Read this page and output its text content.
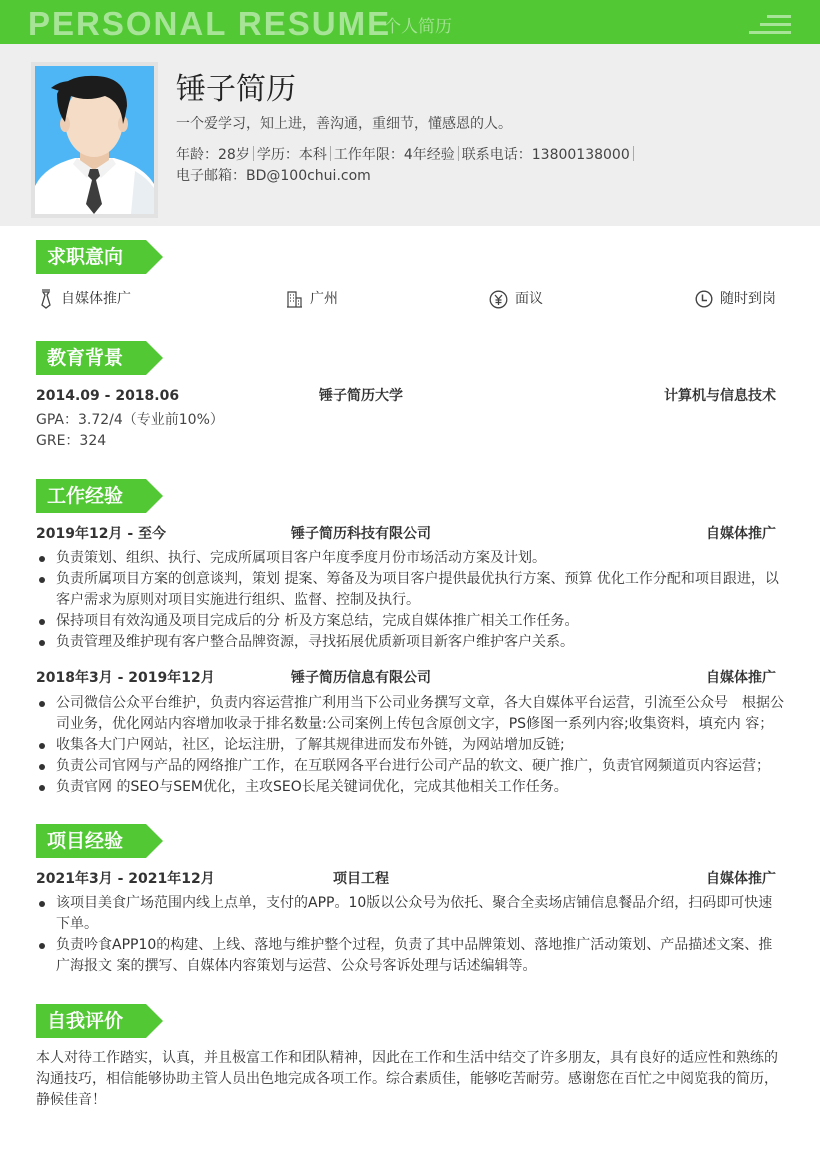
PERSONAL RESUME
个人简历
锤子简历
一个爱学习，知上进，善沟通，重细节，懂感恩的人。
年龄：28岁 学历：本科 工作年限：4年经验 联系电话：13800138000
电子邮箱：BD@100chui.com
求职意向
自媒体推广	广州	面议	随时到岗
教育背景
2014.09 - 2018.06	锤子简历大学	计算机与信息技术
GPA：3.72/4（专业前10%）
GRE：324
工作经验
2019年12月 - 至今	锤子简历科技有限公司	自媒体推广
负责策划、组织、执行、完成所属项目客户年度季度月份市场活动方案及计划。
负责所属项目方案的创意谈判，策划 提案、筹备及为项目客户提供最优执行方案、预算 优化工作分配和项目跟进，以客户需求为原则对项目实施进行组织、监督、控制及执行。
保持项目有效沟通及项目完成后的分 析及方案总结，完成自媒体推广相关工作任务。
负责管理及维护现有客户整合品牌资源，寻找拓展优质新项目新客户维护客户关系。
2018年3月 - 2019年12月	锤子简历信息有限公司	自媒体推广
公司微信公众平台维护，负责内容运营推广利用当下公司业务撰写文章，各大自媒体平台运营，引流至公众号　根据公司业务，优化网站内容增加收录于排名数量:公司案例上传包含原创文字，PS修图一系列内容;收集资料，填充内 容；
收集各大门户网站，社区，论坛注册，了解其规律进而发布外链，为网站增加反链;
负责公司官网与产品的网络推广工作，在互联网各平台进行公司产品的软文、硬广推广，负责官网频道页内容运营；
负责官网 的SEO与SEM优化，主攻SEO长尾关键词优化，完成其他相关工作任务。
项目经验
2021年3月 - 2021年12月	项目工程	自媒体推广
该项目美食广场范围内线上点单，支付的APP。10版以公众号为依托、聚合全卖场店铺信息餐品介绍，扫码即可快速下单。
负责吟食APP10的构建、上线、落地与维护整个过程，负责了其中品牌策划、落地推广活动策划、产品描述文案、推广海报文 案的撰写、自媒体内容策划与运营、公众号客诉处理与话述编辑等。
自我评价
本人对待工作踏实，认真，并且极富工作和团队精神，因此在工作和生活中结交了许多朋友，具有良好的适应性和熟练的沟通技巧，相信能够协助主管人员出色地完成各项工作。综合素质佳，能够吃苦耐劳。感谢您在百忙之中阅览我的简历，静候佳音！
